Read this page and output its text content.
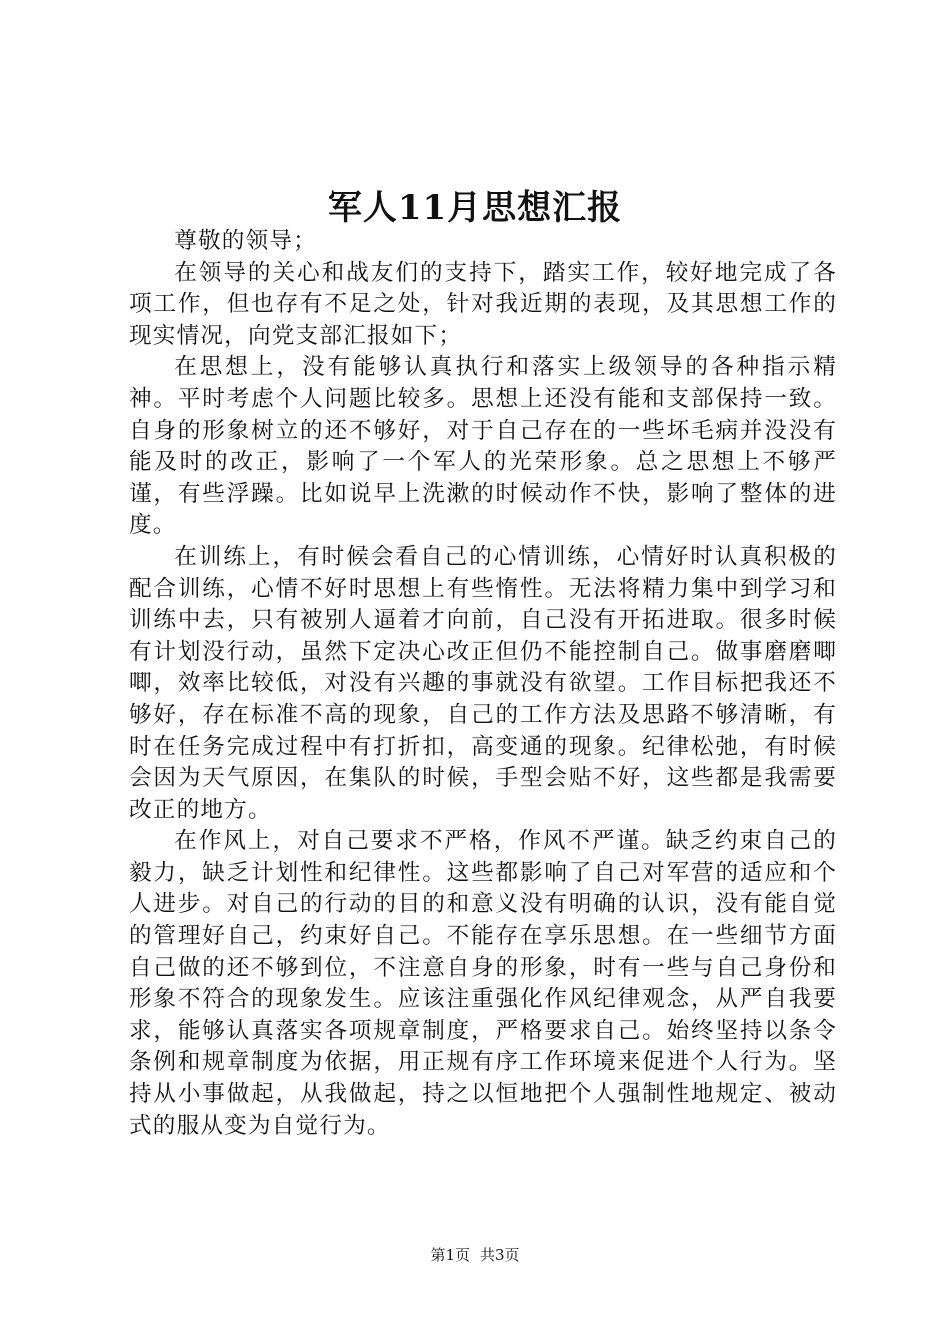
军人11月思想汇报

尊敬的领导；

在领导的关心和战友们的支持下，踏实工作，较好地完成了各项工作，但也存有不足之处，针对我近期的表现，及其思想工作的现实情况，向党支部汇报如下；

在思想上，没有能够认真执行和落实上级领导的各种指示精神。平时考虑个人问题比较多。思想上还没有能和支部保持一致。自身的形象树立的还不够好，对于自己存在的一些坏毛病并没没有能及时的改正，影响了一个军人的光荣形象。总之思想上不够严谨，有些浮躁。比如说早上洗漱的时候动作不快，影响了整体的进度。

在训练上，有时候会看自己的心情训练，心情好时认真积极的配合训练，心情不好时思想上有些惰性。无法将精力集中到学习和训练中去，只有被别人逼着才向前，自己没有开拓进取。很多时候有计划没行动，虽然下定决心改正但仍不能控制自己。做事磨磨唧唧，效率比较低，对没有兴趣的事就没有欲望。工作目标把我还不够好，存在标准不高的现象，自己的工作方法及思路不够清晰，有时在任务完成过程中有打折扣，高变通的现象。纪律松弛，有时候会因为天气原因，在集队的时候，手型会贴不好，这些都是我需要改正的地方。

在作风上，对自己要求不严格，作风不严谨。缺乏约束自己的毅力，缺乏计划性和纪律性。这些都影响了自己对军营的适应和个人进步。对自己的行动的目的和意义没有明确的认识，没有能自觉的管理好自己，约束好自己。不能存在享乐思想。在一些细节方面自己做的还不够到位，不注意自身的形象，时有一些与自己身份和形象不符合的现象发生。应该注重强化作风纪律观念，从严自我要求，能够认真落实各项规章制度，严格要求自己。始终坚持以条令条例和规章制度为依据，用正规有序工作环境来促进个人行为。坚持从小事做起，从我做起，持之以恒地把个人强制性地规定、被动式的服从变为自觉行为。

第1页 共3页
